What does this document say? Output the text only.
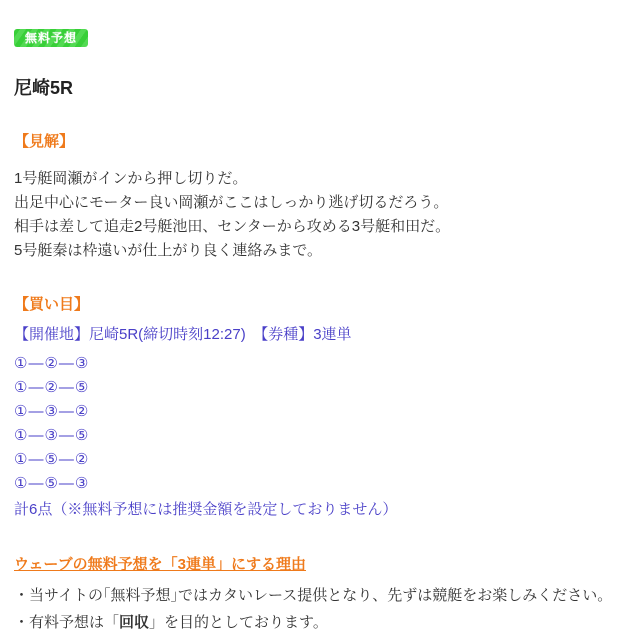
無料予想
尼崎5R
【見解】
1号艇岡瀬がインから押し切りだ。
出足中心にモーター良い岡瀬がここはしっかり逃げ切るだろう。
相手は差して追走2号艇池田、センターから攻める3号艇和田だ。
5号艇秦は枠遠いが仕上がり良く連絡みまで。
【買い目】
【開催地】尼崎5R(締切時刻12:27)　【券種】3連単
①―②―③
①―②―⑤
①―③―②
①―③―⑤
①―⑤―②
①―⑤―③
計6点（※無料予想には推奨金額を設定しておりません）
ウェーブの無料予想を「3連単」にする理由
・当サイトの｢無料予想｣ではカタいレース提供となり、先ずは競艇をお楽しみください。
・有料予想は「回収」を目的としております。
